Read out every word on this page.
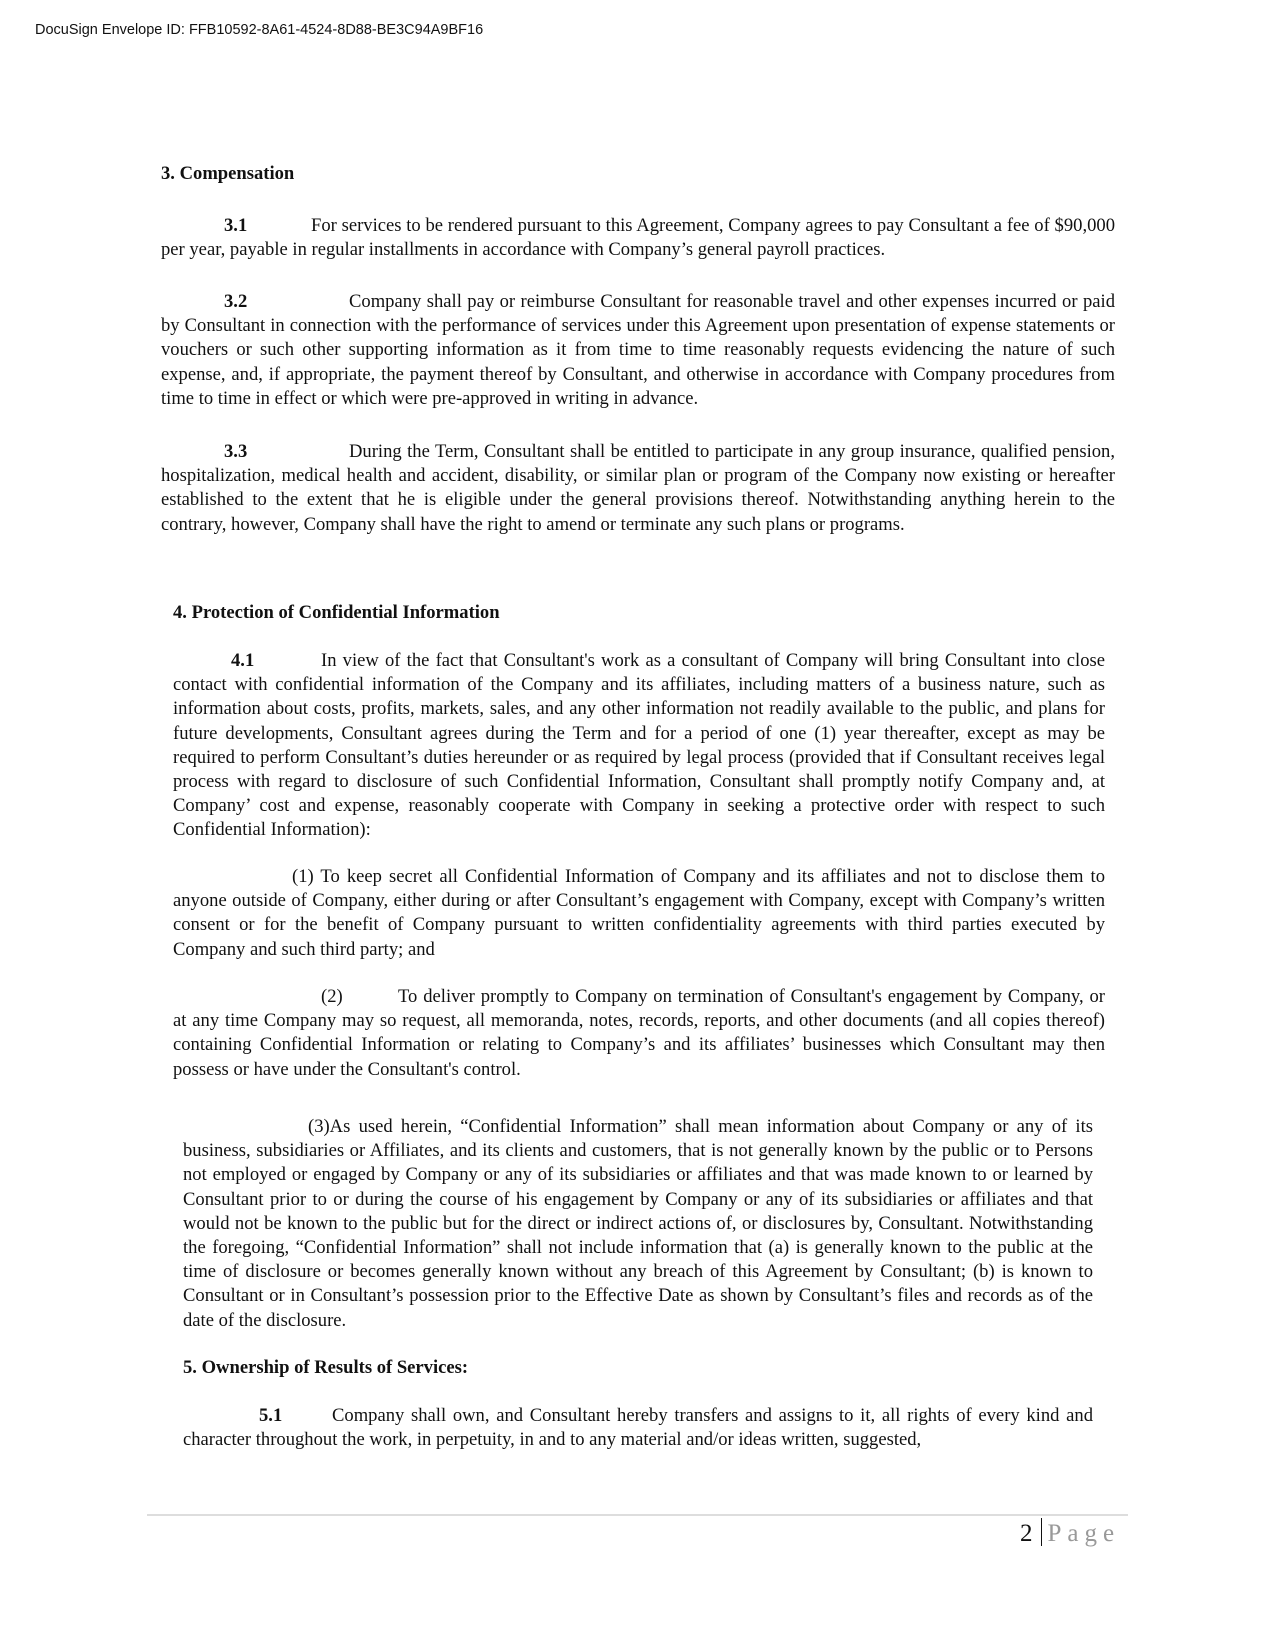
DocuSign Envelope ID: FFB10592-8A61-4524-8D88-BE3C94A9BF16
3. Compensation
3.1	For services to be rendered pursuant to this Agreement, Company agrees to pay Consultant a fee of $90,000 per year, payable in regular installments in accordance with Company’s general payroll practices.
3.2	Company shall pay or reimburse Consultant for reasonable travel and other expenses incurred or paid by Consultant in connection with the performance of services under this Agreement upon presentation of expense statements or vouchers or such other supporting information as it from time to time reasonably requests evidencing the nature of such expense, and, if appropriate, the payment thereof by Consultant, and otherwise in accordance with Company procedures from time to time in effect or which were pre-approved in writing in advance.
3.3	During the Term, Consultant shall be entitled to participate in any group insurance, qualified pension, hospitalization, medical health and accident, disability, or similar plan or program of the Company now existing or hereafter established to the extent that he is eligible under the general provisions thereof. Notwithstanding anything herein to the contrary, however, Company shall have the right to amend or terminate any such plans or programs.
4. Protection of Confidential Information
4.1	In view of the fact that Consultant's work as a consultant of Company will bring Consultant into close contact with confidential information of the Company and its affiliates, including matters of a business nature, such as information about costs, profits, markets, sales, and any other information not readily available to the public, and plans for future developments, Consultant agrees during the Term and for a period of one (1) year thereafter, except as may be required to perform Consultant’s duties hereunder or as required by legal process (provided that if Consultant receives legal process with regard to disclosure of such Confidential Information, Consultant shall promptly notify Company and, at Company’ cost and expense, reasonably cooperate with Company in seeking a protective order with respect to such Confidential Information):
(1) To keep secret all Confidential Information of Company and its affiliates and not to disclose them to anyone outside of Company, either during or after Consultant’s engagement with Company, except with Company’s written consent or for the benefit of Company pursuant to written confidentiality agreements with third parties executed by Company and such third party; and
(2)	To deliver promptly to Company on termination of Consultant's engagement by Company, or at any time Company may so request, all memoranda, notes, records, reports, and other documents (and all copies thereof) containing Confidential Information or relating to Company’s and its affiliates’ businesses which Consultant may then possess or have under the Consultant's control.
(3)As used herein, “Confidential Information” shall mean information about Company or any of its business, subsidiaries or Affiliates, and its clients and customers, that is not generally known by the public or to Persons not employed or engaged by Company or any of its subsidiaries or affiliates and that was made known to or learned by Consultant prior to or during the course of his engagement by Company or any of its subsidiaries or affiliates and that would not be known to the public but for the direct or indirect actions of, or disclosures by, Consultant. Notwithstanding the foregoing, “Confidential Information” shall not include information that (a) is generally known to the public at the time of disclosure or becomes generally known without any breach of this Agreement by Consultant; (b) is known to Consultant or in Consultant’s possession prior to the Effective Date as shown by Consultant’s files and records as of the date of the disclosure.
5. Ownership of Results of Services:
5.1	Company shall own, and Consultant hereby transfers and assigns to it, all rights of every kind and character throughout the work, in perpetuity, in and to any material and/or ideas written, suggested,
2 Page
